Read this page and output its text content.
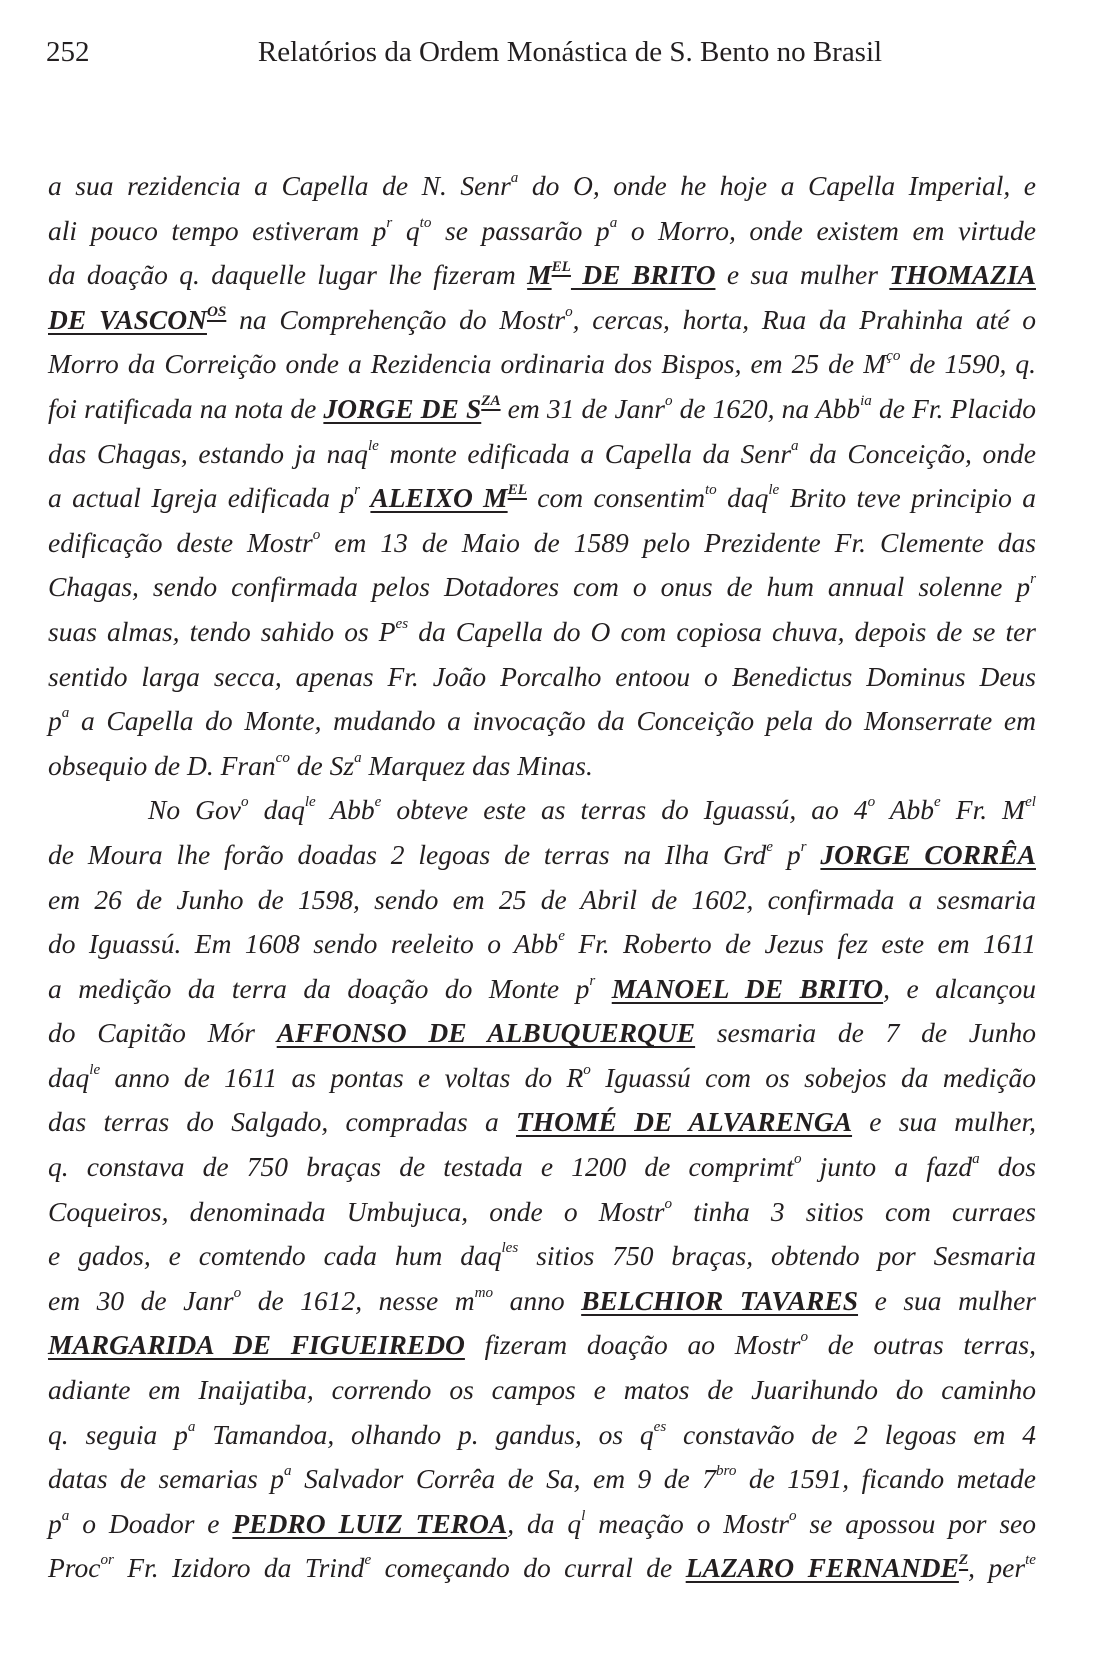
252	Relatórios da Ordem Monástica de S. Bento no Brasil
a sua rezidencia a Capella de N. Senr$^a$ do O, onde he hoje a Capella Imperial, e
ali pouco tempo estiveram $p^r$ $q^{to}$ se passarão $p^a$ o Morro, onde existem em virtude
da doação q. daquelle lugar lhe fizeram $M^{EL}$ DE BRITO e sua mulher THOMAZIA
DE $VASCON^{OS}$ na Comprehenção do Mostr$^o$, cercas, horta, Rua da Prahinha até o
Morro da Correição onde a Rezidencia ordinaria dos Bispos, em 25 de $M^{ço}$ de 1590, q.
foi ratificada na nota de JORGE DE $S^{ZA}$ em 31 de Janr$^o$ de 1620, na Abb$^{ia}$ de Fr. Placido
das Chagas, estando ja naq$^{le}$ monte edificada a Capella da Senr$^a$ da Conceição, onde
a actual Igreja edificada $p^r$ ALEIXO $M^{EL}$ com consentim$^{to}$ daq$^{le}$ Brito teve principio a
edificação deste Mostr$^o$ em 13 de Maio de 1589 pelo Prezidente Fr. Clemente das
Chagas, sendo confirmada pelos Dotadores com o onus de hum annual solenne $p^r$
suas almas, tendo sahido os $P^{es}$ da Capella do O com copiosa chuva, depois de se ter
sentido larga secca, apenas Fr. João Porcalho entoou o Benedictus Dominus Deus
$p^a$ a Capella do Monte, mudando a invocação da Conceição pela do Monserrate em
obsequio de D. Fran$^{co}$ de Sz$^a$ Marquez das Minas.
No Gov$^o$ daq$^{le}$ Abb$^e$ obteve este as terras do Iguassú, ao 4$^o$ Abb$^e$ Fr. $M^{el}$
de Moura lhe forão doadas 2 legoas de terras na Ilha Grd$^e$ $p^r$ JORGE CORRÊA
em 26 de Junho de 1598, sendo em 25 de Abril de 1602, confirmada a sesmaria
do Iguassú. Em 1608 sendo reeleito o Abb$^e$ Fr. Roberto de Jezus fez este em 1611
a medição da terra da doação do Monte $p^r$ MANOEL DE BRITO, e alcançou
do Capitão Mór AFFONSO DE ALBUQUERQUE sesmaria de 7 de Junho
daq$^{le}$ anno de 1611 as pontas e voltas do $R^o$ Iguassú com os sobejos da medição
das terras do Salgado, compradas a THOMÉ DE ALVARENGA e sua mulher,
q. constava de 750 braças de testada e 1200 de comprimt$^o$ junto a fazd$^a$ dos
Coqueiros, denominada Umbujuca, onde o Mostr$^o$ tinha 3 sitios com curraes
e gados, e comtendo cada hum daq$^{les}$ sitios 750 braças, obtendo por Sesmaria
em 30 de Janr$^o$ de 1612, nesse $m^{mo}$ anno BELCHIOR TAVARES e sua mulher
MARGARIDA DE FIGUEIREDO fizeram doação ao Mostr$^o$ de outras terras,
adiante em Inaijatiba, correndo os campos e matos de Juarihundo do caminho
q. seguia $p^a$ Tamandoa, olhando p. gandus, os $q^{es}$ constavão de 2 legoas em 4
datas de semarias $p^a$ Salvador Corrêa de Sa, em 9 de $7^{bro}$ de 1591, ficando metade
$p^a$ o Doador e PEDRO LUIZ TEROA, da $q^l$ meação o Mostr$^o$ se apossou por seo
Proc$^{or}$ Fr. Izidoro da Trind$^e$ começando do curral de LAZARO $FERNANDE^Z$, per$^{te}$
